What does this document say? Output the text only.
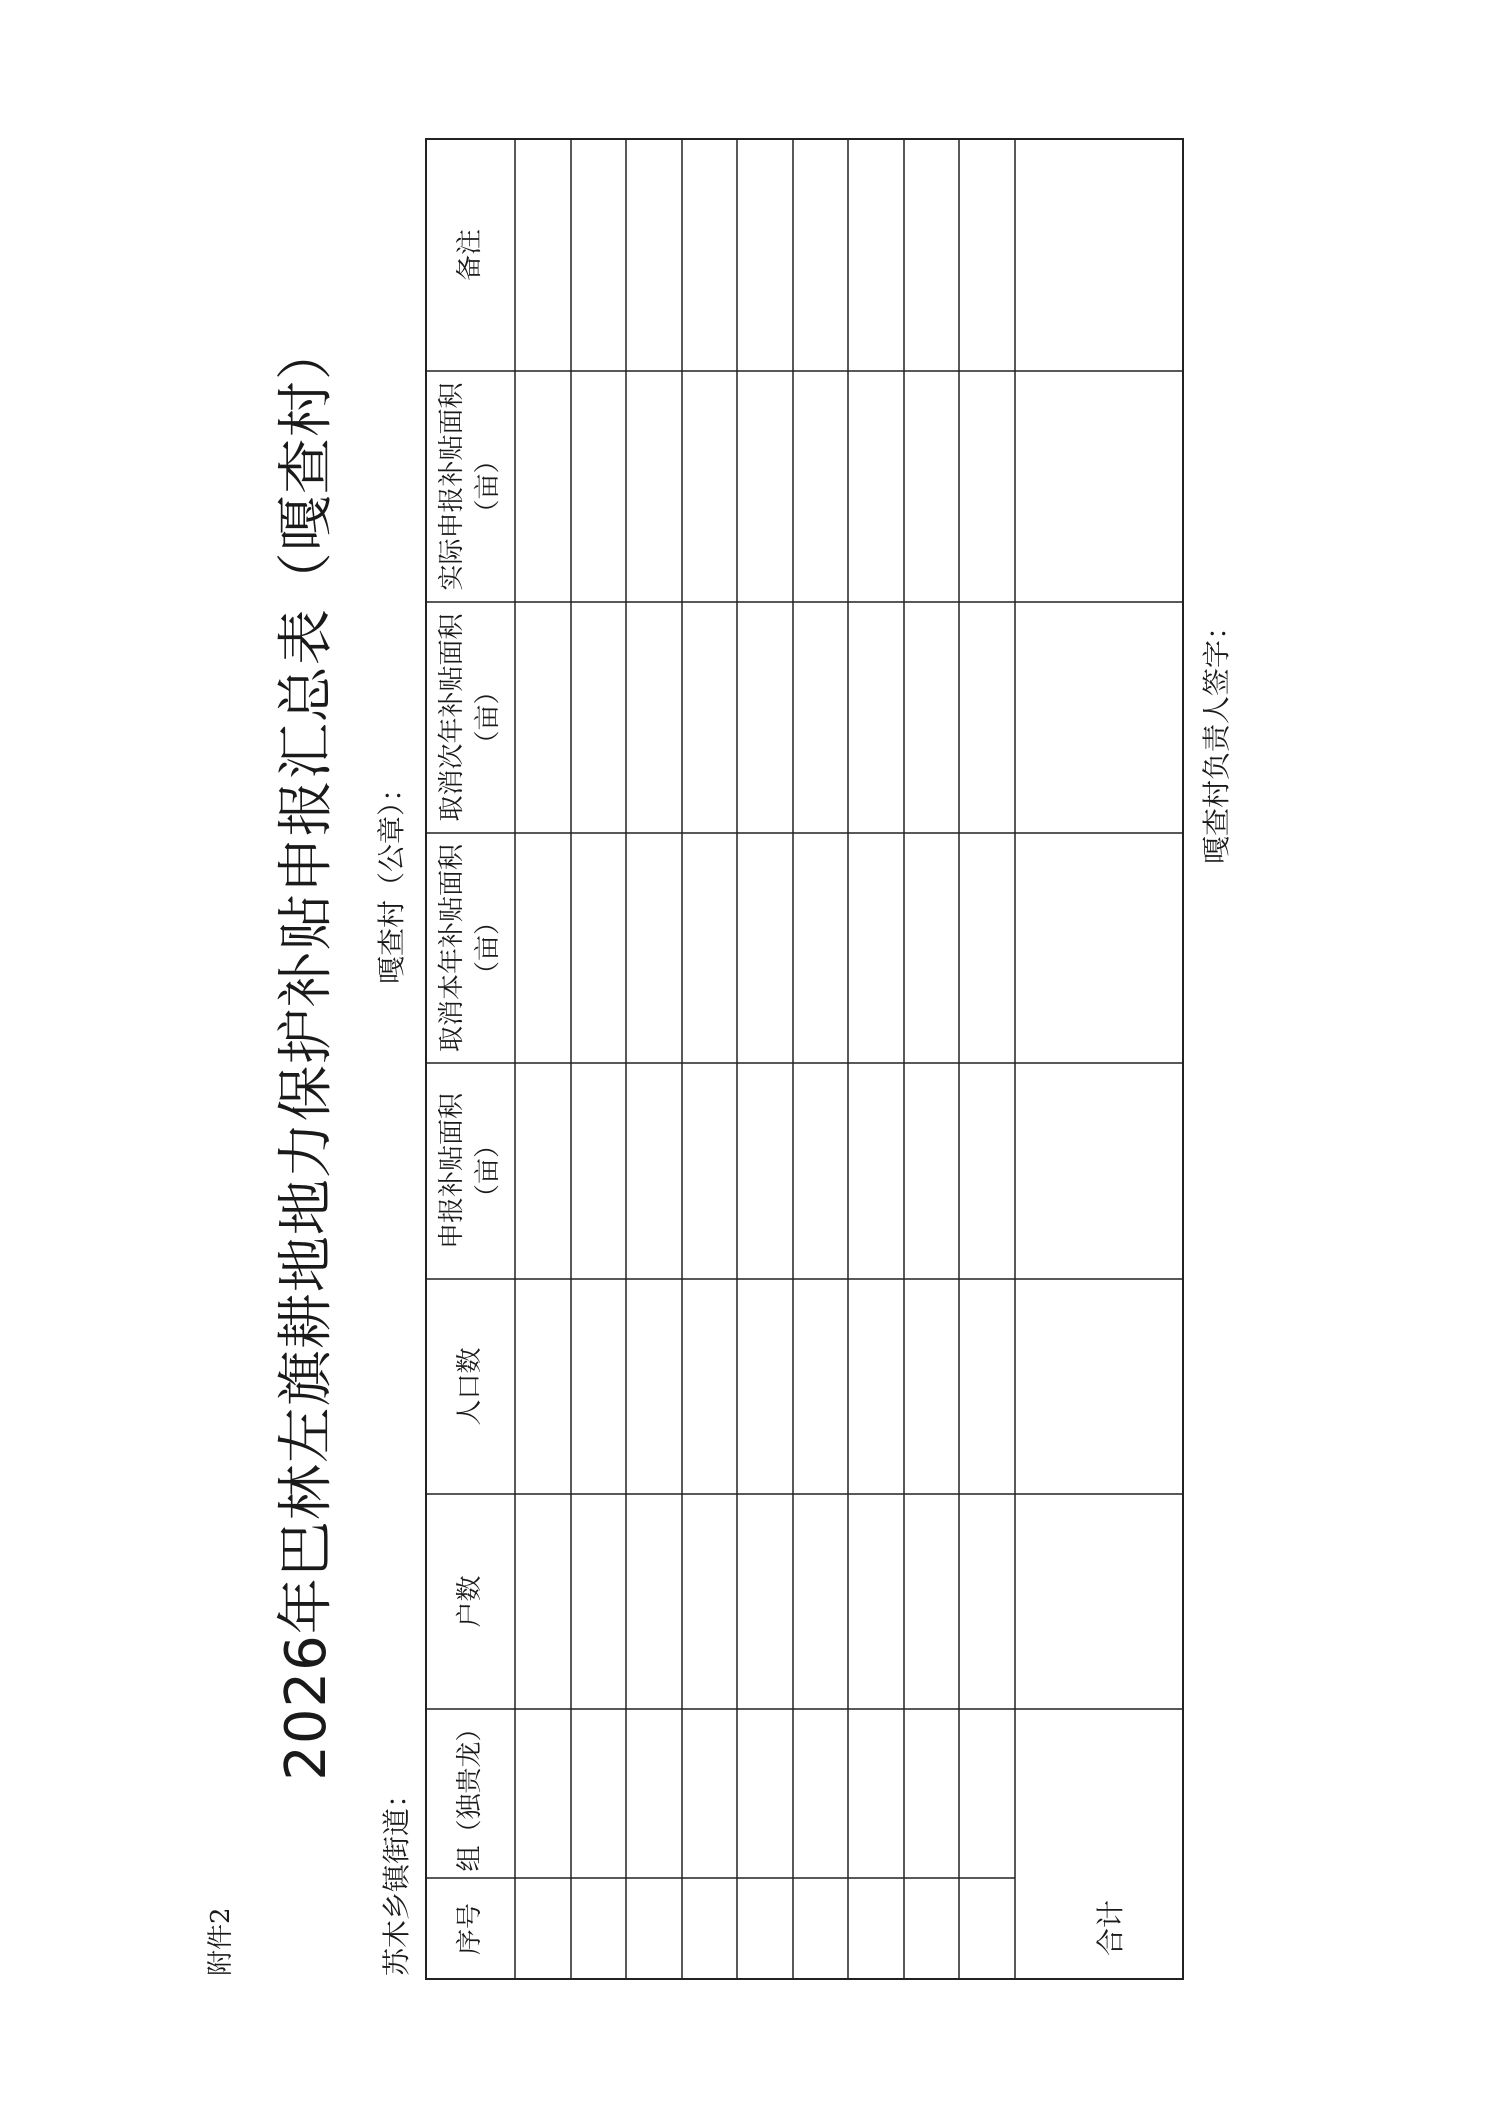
附件2
2026年巴林左旗耕地地力保护补贴申报汇总表（嘎查村）
苏木乡镇街道：
嘎查村（公章）：
序号
组（独贵龙）
户数
人口数
申报补贴面积（亩）
取消本年补贴面积（亩）
取消次年补贴面积（亩）
实际申报补贴面积（亩）
备注
合计
嘎查村负责人签字：
